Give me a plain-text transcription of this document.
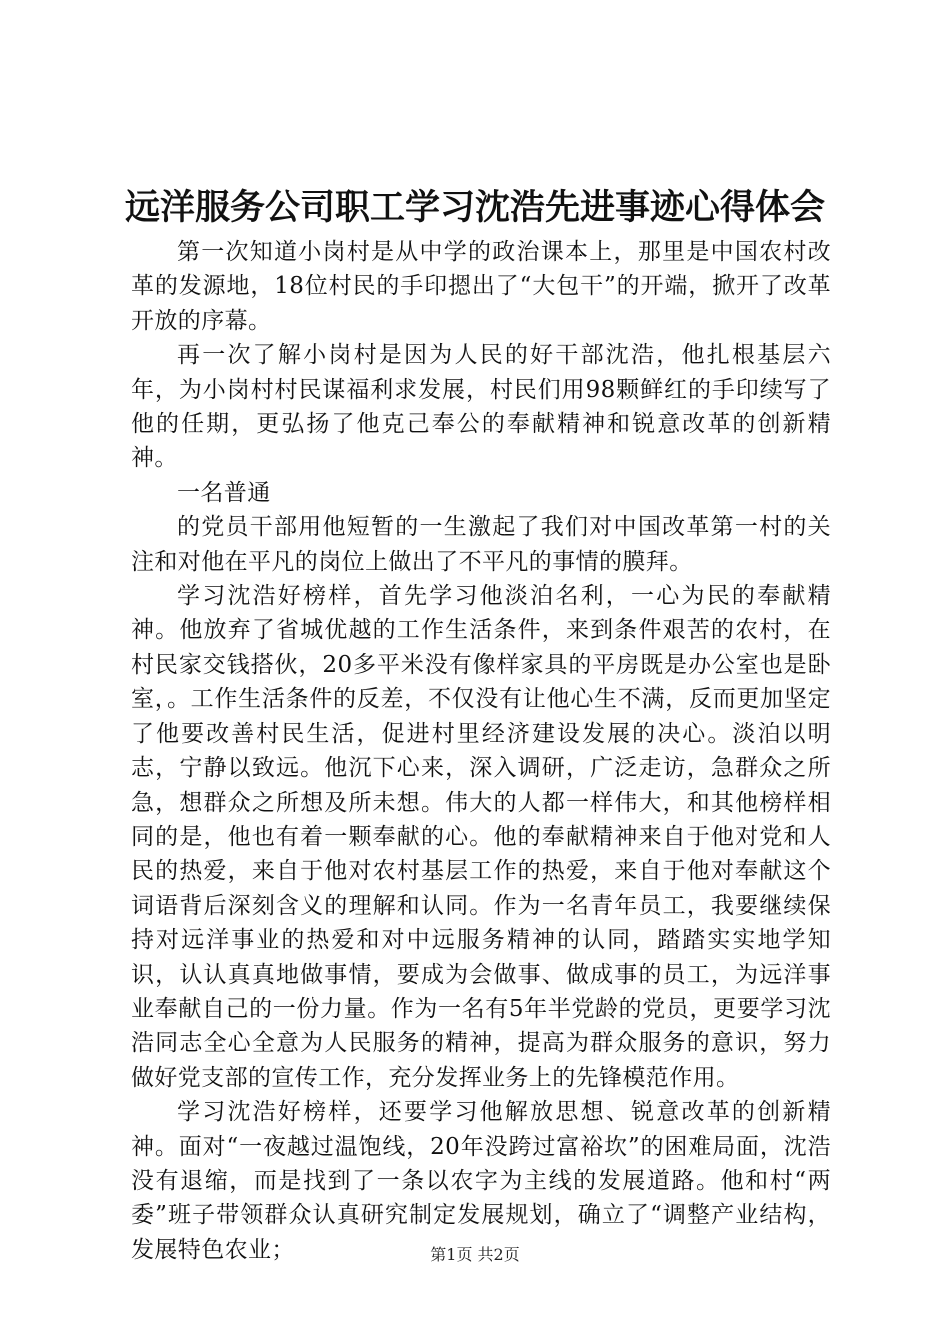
远洋服务公司职工学习沈浩先进事迹心得体会

第一次知道小岗村是从中学的政治课本上，那里是中国农村改革的发源地，18位村民的手印摁出了“大包干”的开端，掀开了改革开放的序幕。

再一次了解小岗村是因为人民的好干部沈浩，他扎根基层六年，为小岗村村民谋福利求发展，村民们用98颗鲜红的手印续写了他的任期，更弘扬了他克己奉公的奉献精神和锐意改革的创新精神。

一名普通

的党员干部用他短暂的一生激起了我们对中国改革第一村的关注和对他在平凡的岗位上做出了不平凡的事情的膜拜。

学习沈浩好榜样，首先学习他淡泊名利，一心为民的奉献精神。他放弃了省城优越的工作生活条件，来到条件艰苦的农村，在村民家交钱搭伙，20多平米没有像样家具的平房既是办公室也是卧室，。工作生活条件的反差，不仅没有让他心生不满，反而更加坚定了他要改善村民生活，促进村里经济建设发展的决心。淡泊以明志，宁静以致远。他沉下心来，深入调研，广泛走访，急群众之所急，想群众之所想及所未想。伟大的人都一样伟大，和其他榜样相同的是，他也有着一颗奉献的心。他的奉献精神来自于他对党和人民的热爱，来自于他对农村基层工作的热爱，来自于他对奉献这个词语背后深刻含义的理解和认同。作为一名青年员工，我要继续保持对远洋事业的热爱和对中远服务精神的认同，踏踏实实地学知识，认认真真地做事情，要成为会做事、做成事的员工，为远洋事业奉献自己的一份力量。作为一名有5年半党龄的党员，更要学习沈浩同志全心全意为人民服务的精神，提高为群众服务的意识，努力做好党支部的宣传工作，充分发挥业务上的先锋模范作用。

学习沈浩好榜样，还要学习他解放思想、锐意改革的创新精神。面对“一夜越过温饱线，20年没跨过富裕坎”的困难局面，沈浩没有退缩，而是找到了一条以农字为主线的发展道路。他和村“两委”班子带领群众认真研究制定发展规划，确立了“调整产业结构，发展特色农业；	第1页 共2页
